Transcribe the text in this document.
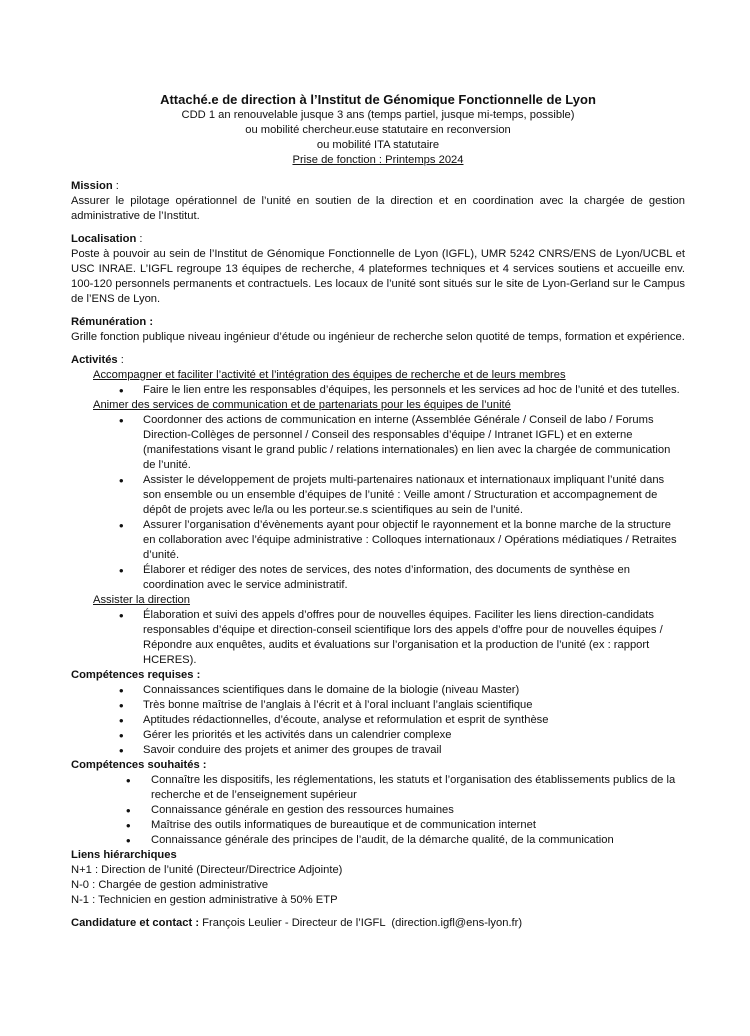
Attaché.e de direction à l’Institut de Génomique Fonctionnelle de Lyon
CDD 1 an renouvelable jusque 3 ans (temps partiel, jusque mi-temps, possible)
ou mobilité chercheur.euse statutaire en reconversion
ou mobilité ITA statutaire
Prise de fonction : Printemps 2024
Mission :
Assurer le pilotage opérationnel de l’unité en soutien de la direction et en coordination avec la chargée de gestion administrative de l’Institut.
Localisation :
Poste à pouvoir au sein de l’Institut de Génomique Fonctionnelle de Lyon (IGFL), UMR 5242 CNRS/ENS de Lyon/UCBL et USC INRAE. L’IGFL regroupe 13 équipes de recherche, 4 plateformes techniques et 4 services soutiens et accueille env. 100-120 personnels permanents et contractuels. Les locaux de l’unité sont situés sur le site de Lyon-Gerland sur le Campus de l’ENS de Lyon.
Rémunération :
Grille fonction publique niveau ingénieur d’étude ou ingénieur de recherche selon quotité de temps, formation et expérience.
Activités :
Accompagner et faciliter l’activité et l’intégration des équipes de recherche et de leurs membres
• Faire le lien entre les responsables d’équipes, les personnels et les services ad hoc de l’unité et des tutelles.
Animer des services de communication et de partenariats pour les équipes de l’unité
• Coordonner des actions de communication en interne (Assemblée Générale / Conseil de labo / Forums Direction-Collèges de personnel / Conseil des responsables d’équipe / Intranet IGFL) et en externe (manifestations visant le grand public / relations internationales) en lien avec la chargée de communication de l’unité.
• Assister le développement de projets multi-partenaires nationaux et internationaux impliquant l’unité dans son ensemble ou un ensemble d’équipes de l’unité : Veille amont / Structuration et accompagnement de dépôt de projets avec le/la ou les porteur.se.s scientifiques au sein de l’unité.
• Assurer l’organisation d’évènements ayant pour objectif le rayonnement et la bonne marche de la structure en collaboration avec l’équipe administrative : Colloques internationaux / Opérations médiatiques / Retraites d’unité.
• Élaborer et rédiger des notes de services, des notes d’information, des documents de synthèse en coordination avec le service administratif.
Assister la direction
• Élaboration et suivi des appels d’offres pour de nouvelles équipes. Faciliter les liens direction-candidats responsables d’équipe et direction-conseil scientifique lors des appels d’offre pour de nouvelles équipes / Répondre aux enquêtes, audits et évaluations sur l’organisation et la production de l’unité (ex : rapport HCERES).
Compétences requises :
• Connaissances scientifiques dans le domaine de la biologie (niveau Master)
• Très bonne maîtrise de l’anglais à l’écrit et à l’oral incluant l’anglais scientifique
• Aptitudes rédactionnelles, d’écoute, analyse et reformulation et esprit de synthèse
• Gérer les priorités et les activités dans un calendrier complexe
• Savoir conduire des projets et animer des groupes de travail
Compétences souhaités :
• Connaître les dispositifs, les réglementations, les statuts et l’organisation des établissements publics de la recherche et de l’enseignement supérieur
• Connaissance générale en gestion des ressources humaines
• Maîtrise des outils informatiques de bureautique et de communication internet
• Connaissance générale des principes de l’audit, de la démarche qualité, de la communication
Liens hiérarchiques
N+1 : Direction de l’unité (Directeur/Directrice Adjointe)
N-0 : Chargée de gestion administrative
N-1 : Technicien en gestion administrative à 50% ETP
Candidature et contact : François Leulier - Directeur de l’IGFL  (direction.igfl@ens-lyon.fr)
